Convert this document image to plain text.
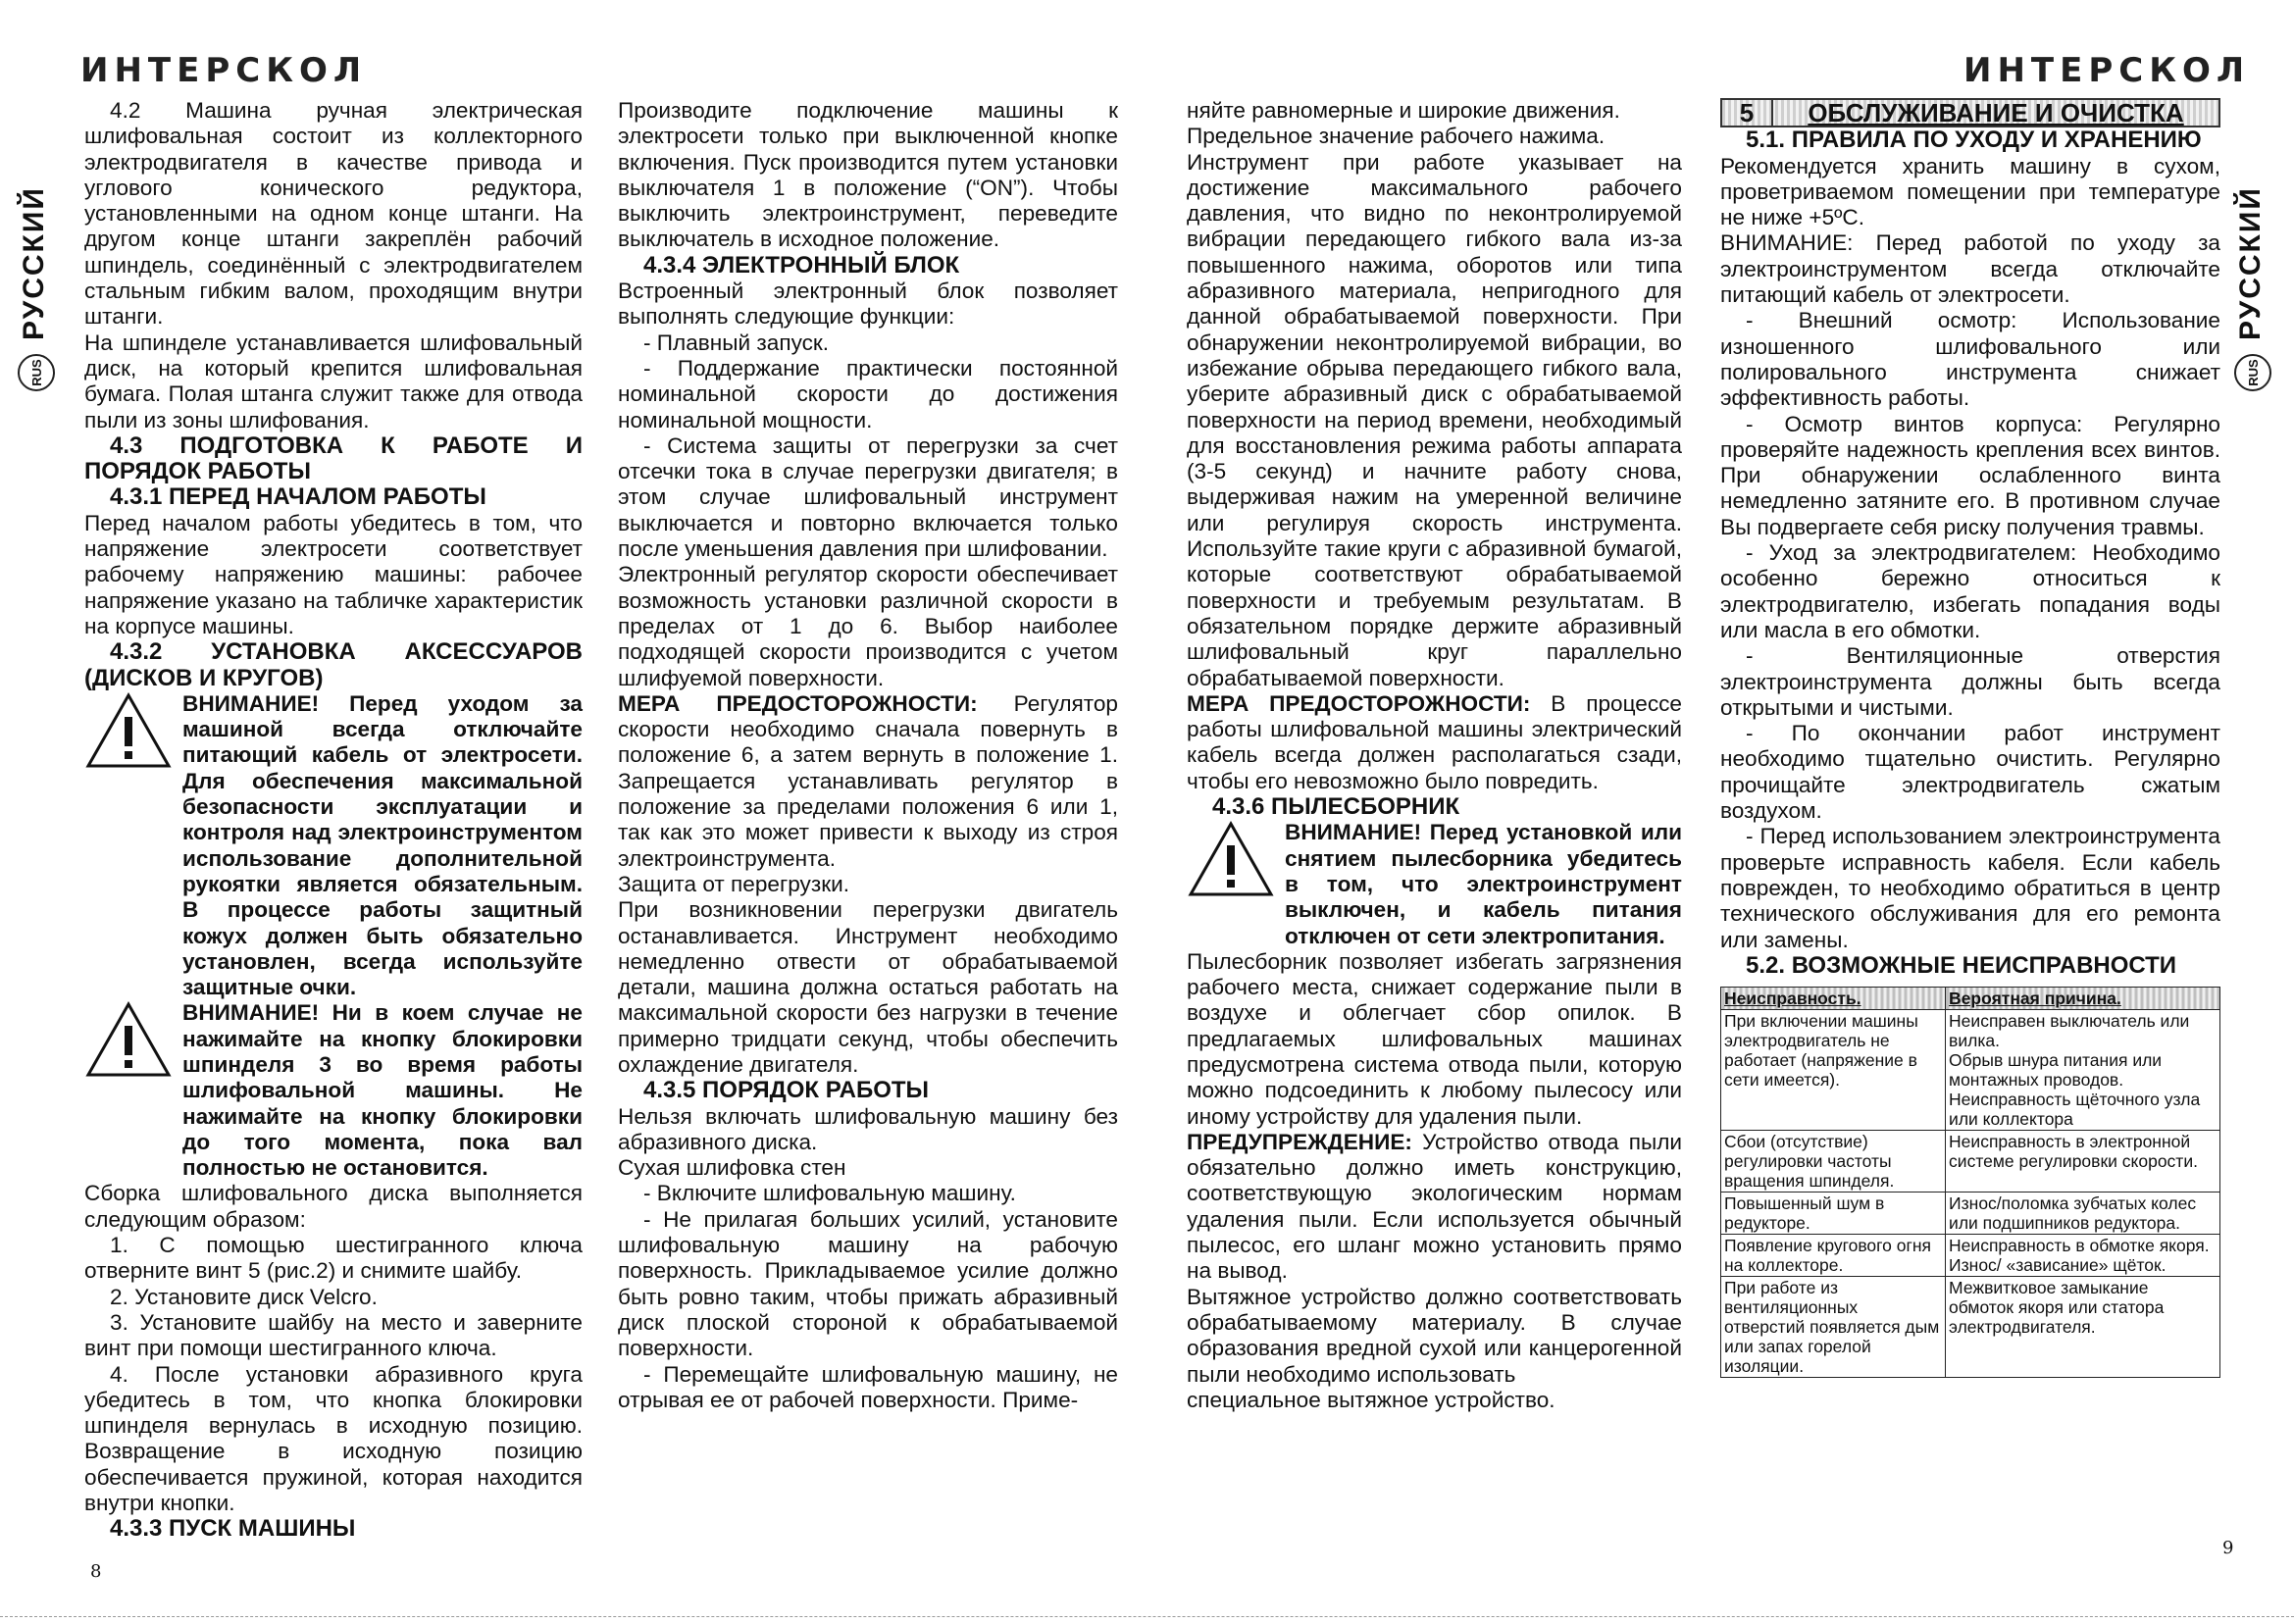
ИНТЕРСКОЛ
РУССКИЙ
RUS

4.2 Машина ручная электрическая шлифовальная состоит из коллекторного электродвигателя в качестве привода и углового конического редуктора, установленными на одном конце штанги. На другом конце штанги закреплён рабочий шпиндель, соединённый с электродвигателем стальным гибким валом, проходящим внутри штанги.

На шпинделе устанавливается шлифовальный диск, на который крепится шлифовальная бумага. Полая штанга служит также для отвода пыли из зоны шлифования.

4.3 ПОДГОТОВКА К РАБОТЕ И ПОРЯДОК РАБОТЫ

4.3.1 ПЕРЕД НАЧАЛОМ РАБОТЫ

Перед началом работы убедитесь в том, что напряжение электросети соответствует рабочему напряжению машины: рабочее напряжение указано на табличке характеристик на корпусе машины.

4.3.2 УСТАНОВКА АКСЕССУАРОВ (ДИСКОВ И КРУГОВ)

ВНИМАНИЕ! Перед уходом за машиной всегда отключайте питающий кабель от электросети. Для обеспечения максимальной безопасности эксплуатации и контроля над электроинструментом использование дополнительной рукоятки является обязательным. В процессе работы защитный кожух должен быть обязательно установлен, всегда используйте защитные очки.

ВНИМАНИЕ! Ни в коем случае не нажимайте на кнопку блокировки шпинделя 3 во время работы шлифовальной машины. Не нажимайте на кнопку блокировки до того момента, пока вал полностью не остановится.

Сборка шлифовального диска выполняется следующим образом:

1. С помощью шестигранного ключа отверните винт 5 (рис.2) и снимите шайбу.

2. Установите диск Velcro.

3. Установите шайбу на место и заверните винт при помощи шестигранного ключа.

4. После установки абразивного круга убедитесь в том, что кнопка блокировки шпинделя вернулась в исходную позицию. Возвращение в исходную позицию обеспечивается пружиной, которая находится внутри кнопки.

4.3.3 ПУСК МАШИНЫ

Производите подключение машины к электросети только при выключенной кнопке включения. Пуск производится путем установки выключателя 1 в положение (“ON”). Чтобы выключить электроинструмент, переведите выключатель в исходное положение.

4.3.4 ЭЛЕКТРОННЫЙ БЛОК

Встроенный электронный блок позволяет выполнять следующие функции:

- Плавный запуск.

- Поддержание практически постоянной номинальной скорости до достижения номинальной мощности.

- Система защиты от перегрузки за счет отсечки тока в случае перегрузки двигателя; в этом случае шлифовальный инструмент выключается и повторно включается только после уменьшения давления при шлифовании.

Электронный регулятор скорости обеспечивает возможность установки различной скорости в пределах от 1 до 6. Выбор наиболее подходящей скорости производится с учетом шлифуемой поверхности.

МЕРА ПРЕДОСТОРОЖНОСТИ: Регулятор скорости необходимо сначала повернуть в положение 6, а затем вернуть в положение 1. Запрещается устанавливать регулятор в положение за пределами положения 6 или 1, так как это может привести к выходу из строя электроинструмента.

Защита от перегрузки.

При возникновении перегрузки двигатель останавливается. Инструмент необходимо немедленно отвести от обрабатываемой детали, машина должна остаться работать на максимальной скорости без нагрузки в течение примерно тридцати секунд, чтобы обеспечить охлаждение двигателя.

4.3.5 ПОРЯДОК РАБОТЫ

Нельзя включать шлифовальную машину без абразивного диска.

Сухая шлифовка стен

- Включите шлифовальную машину.

- Не прилагая больших усилий, установите шлифовальную машину на рабочую поверхность. Прикладываемое усилие должно быть ровно таким, чтобы прижать абразивный диск плоской стороной к обрабатываемой поверхности.

- Перемещайте шлифовальную машину, не отрывая ее от рабочей поверхности. Приме-

8
ИНТЕРСКОЛ
РУССКИЙ
RUS

няйте равномерные и широкие движения.

Предельное значение рабочего нажима.

Инструмент при работе указывает на достижение максимального рабочего давления, что видно по неконтролируемой вибрации передающего гибкого вала из-за повышенного нажима, оборотов или типа абразивного материала, непригодного для данной обрабатываемой поверхности. При обнаружении неконтролируемой вибрации, во избежание обрыва передающего гибкого вала, уберите абразивный диск с обрабатываемой поверхности на период времени, необходимый для восстановления режима работы аппарата (3-5 секунд) и начните работу снова, выдерживая нажим на умеренной величине или регулируя скорость инструмента. Используйте такие круги с абразивной бумагой, которые соответствуют обрабатываемой поверхности и требуемым результатам. В обязательном порядке держите абразивный шлифовальный круг параллельно обрабатываемой поверхности.

МЕРА ПРЕДОСТОРОЖНОСТИ: В процессе работы шлифовальной машины электрический кабель всегда должен располагаться сзади, чтобы его невозможно было повредить.

4.3.6 ПЫЛЕСБОРНИК

ВНИМАНИЕ! Перед установкой или снятием пылесборника убедитесь в том, что электроинструмент выключен, и кабель питания отключен от сети электропитания.

Пылесборник позволяет избегать загрязнения рабочего места, снижает содержание пыли в воздухе и облегчает сбор опилок. В предлагаемых шлифовальных машинах предусмотрена система отвода пыли, которую можно подсоединить к любому пылесосу или иному устройству для удаления пыли.

ПРЕДУПРЕЖДЕНИЕ: Устройство отвода пыли обязательно должно иметь конструкцию, соответствующую экологическим нормам удаления пыли. Если используется обычный пылесос, его шланг можно установить прямо на вывод.

Вытяжное устройство должно соответствовать обрабатываемому материалу. В случае образования вредной сухой или канцерогенной пыли необходимо использовать

специальное вытяжное устройство.

5	ОБСЛУЖИВАНИЕ И ОЧИСТКА

5.1. ПРАВИЛА ПО УХОДУ И ХРАНЕНИЮ

Рекомендуется хранить машину в сухом, проветриваемом помещении при температуре не ниже +5ºС.

ВНИМАНИЕ: Перед работой по уходу за электроинструментом всегда отключайте питающий кабель от электросети.

- Внешний осмотр: Использование изношенного шлифовального или полировального инструмента снижает эффективность работы.

- Осмотр винтов корпуса: Регулярно проверяйте надежность крепления всех винтов. При обнаружении ослабленного винта немедленно затяните его. В противном случае Вы подвергаете себя риску получения травмы.

- Уход за электродвигателем: Необходимо особенно бережно относиться к электродвигателю, избегать попадания воды или масла в его обмотки.

- Вентиляционные отверстия электроинструмента должны быть всегда открытыми и чистыми.

- По окончании работ инструмент необходимо тщательно очистить. Регулярно прочищайте электродвигатель сжатым воздухом.

- Перед использованием электроинструмента проверьте исправность кабеля. Если кабель поврежден, то необходимо обратиться в центр технического обслуживания для его ремонта или замены.

5.2. ВОЗМОЖНЫЕ НЕИСПРАВНОСТИ

Неисправность.	Вероятная причина.
При включении машины электродвигатель не работает (напряжение в сети имеется).	Неисправен выключатель или вилка.
Обрыв шнура питания или монтажных проводов.
Неисправность щёточного узла или коллектора
Сбои (отсутствие) регулировки частоты вращения шпинделя.	Неисправность в электронной системе регулировки скорости.
Повышенный шум в редукторе.	Износ/поломка зубчатых колес или подшипников редуктора.
Появление кругового огня на коллекторе.	Неисправность в обмотке якоря. Износ/ «зависание» щёток.
При работе из вентиляционных отверстий появляется дым или запах горелой изоляции.	Межвитковое замыкание обмоток якоря или статора электродвигателя.
9
